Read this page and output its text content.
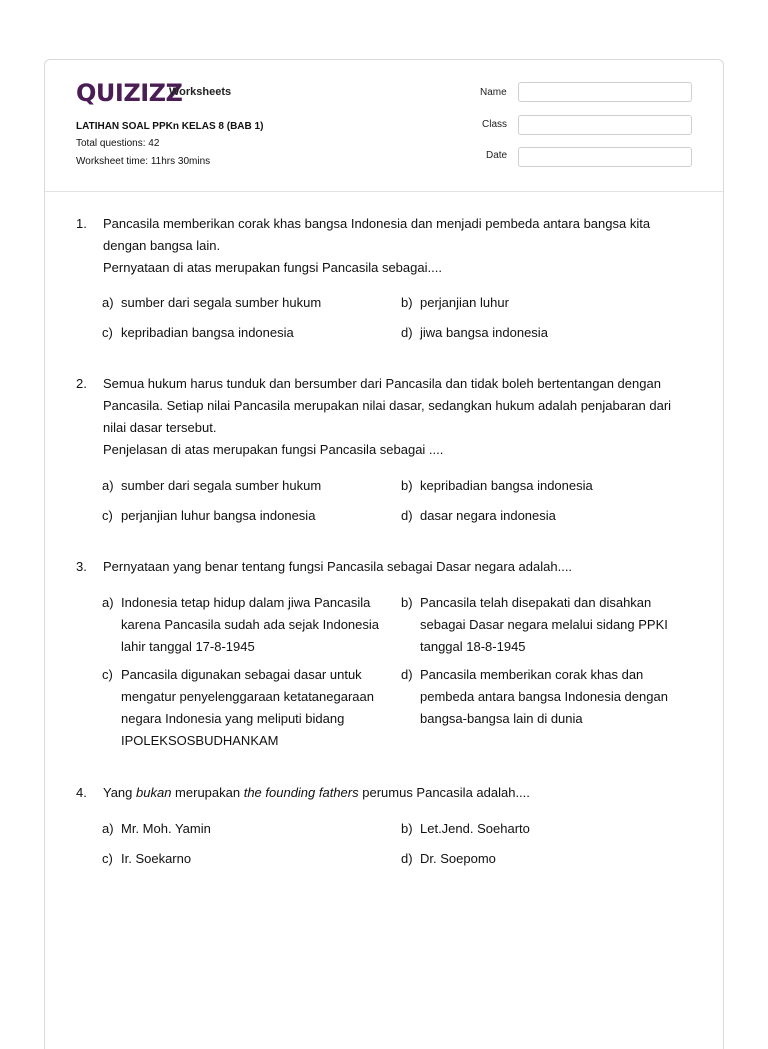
QUIZIZZ
Worksheets
LATIHAN SOAL PPKn KELAS 8 (BAB 1)
Total questions: 42
Worksheet time: 11hrs 30mins
Name
Class
Date
1. Pancasila memberikan corak khas bangsa Indonesia dan menjadi pembeda antara bangsa kita
dengan bangsa lain.
Pernyataan di atas merupakan fungsi Pancasila sebagai....
a) sumber dari segala sumber hukum	b) perjanjian luhur
c) kepribadian bangsa indonesia	d) jiwa bangsa indonesia
2. Semua hukum harus tunduk dan bersumber dari Pancasila dan tidak boleh bertentangan dengan
Pancasila. Setiap nilai Pancasila merupakan nilai dasar, sedangkan hukum adalah penjabaran dari
nilai dasar tersebut.
Penjelasan di atas merupakan fungsi Pancasila sebagai ....
a) sumber dari segala sumber hukum	b) kepribadian bangsa indonesia
c) perjanjian luhur bangsa indonesia	d) dasar negara indonesia
3. Pernyataan yang benar tentang fungsi Pancasila sebagai Dasar negara adalah....
a) Indonesia tetap hidup dalam jiwa Pancasila
karena Pancasila sudah ada sejak Indonesia
lahir tanggal 17-8-1945
b) Pancasila telah disepakati dan disahkan
sebagai Dasar negara melalui sidang PPKI
tanggal 18-8-1945
c) Pancasila digunakan sebagai dasar untuk
mengatur penyelenggaraan ketatanegaraan
negara Indonesia yang meliputi bidang
IPOLEKSOSBUDHANKAM
d) Pancasila memberikan corak khas dan
pembeda antara bangsa Indonesia dengan
bangsa-bangsa lain di dunia
4. Yang bukan merupakan the founding fathers perumus Pancasila adalah....
a) Mr. Moh. Yamin	b) Let.Jend. Soeharto
c) Ir. Soekarno	d) Dr. Soepomo
